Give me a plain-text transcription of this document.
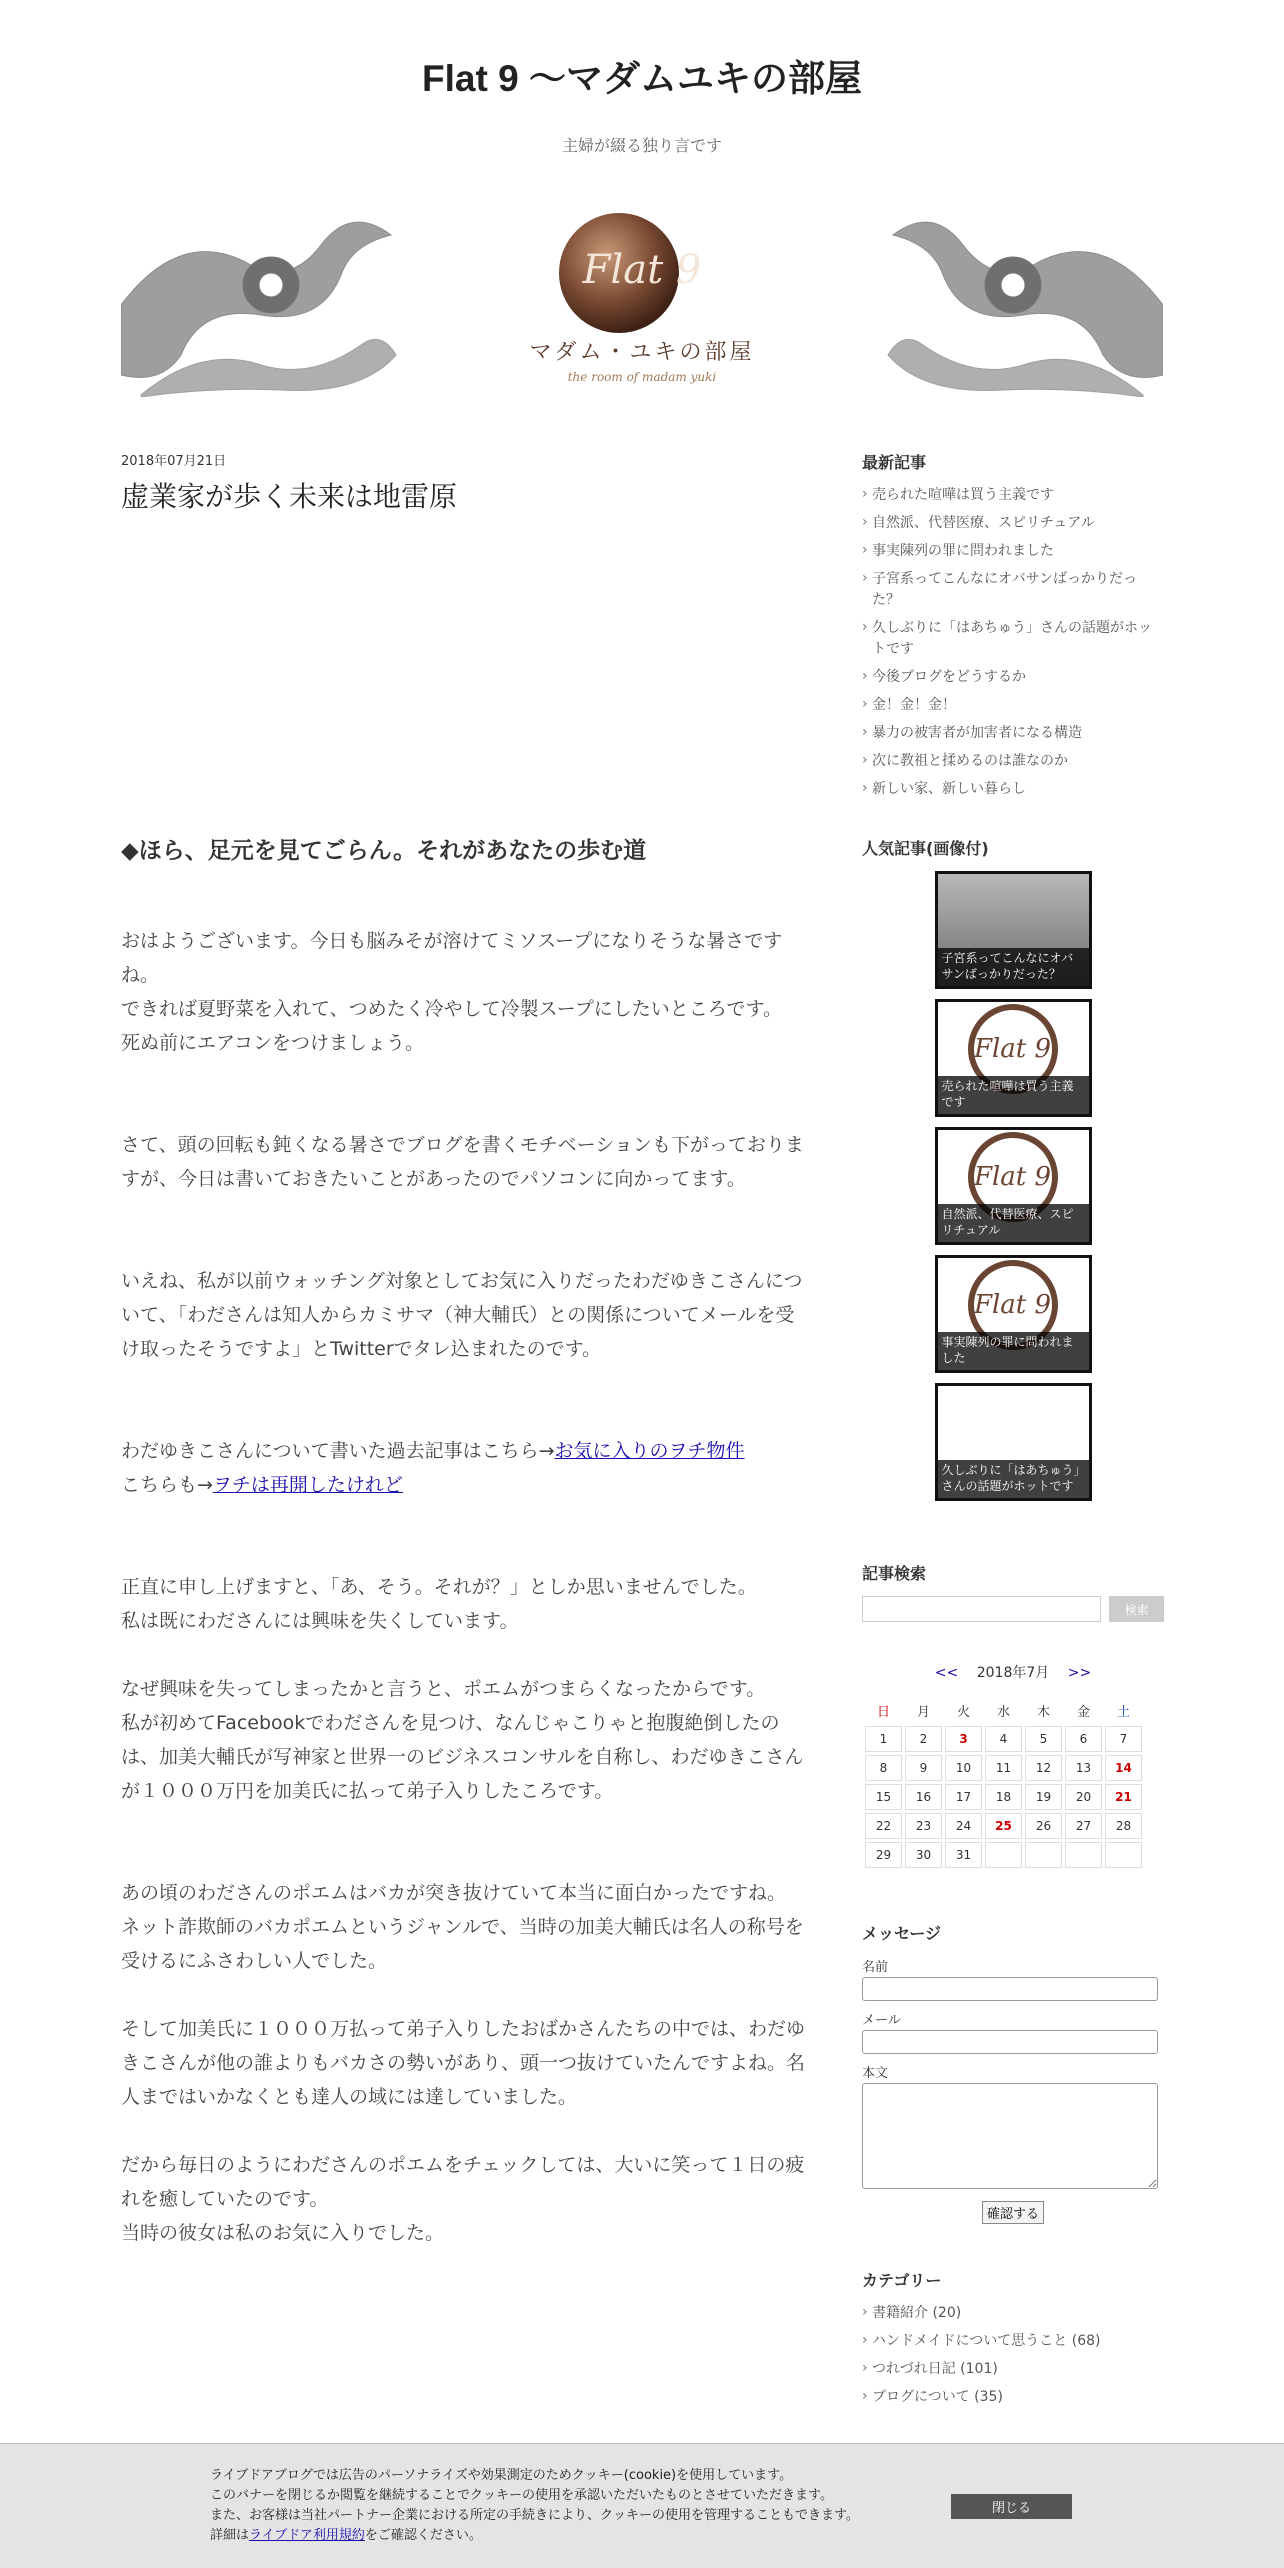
Flat 9 〜マダムユキの部屋
主婦が綴る独り言です
Flat 9
マダム・ユキの部屋
the room of madam yuki
2018年07月21日
虚業家が歩く未来は地雷原
◆ほら、足元を見てごらん。それがあなたの歩む道

おはようございます。今日も脳みそが溶けてミソスープになりそうな暑さですね。
できれば夏野菜を入れて、つめたく冷やして冷製スープにしたいところです。
死ぬ前にエアコンをつけましょう。

さて、頭の回転も鈍くなる暑さでブログを書くモチベーションも下がっておりますが、今日は書いておきたいことがあったのでパソコンに向かってます。

いえね、私が以前ウォッチング対象としてお気に入りだったわだゆきこさんについて、「わださんは知人からカミサマ（神大輔氏）との関係についてメールを受け取ったそうですよ」とTwitterでタレ込まれたのです。

わだゆきこさんについて書いた過去記事はこちら→お気に入りのヲチ物件
こちらも→ヲチは再開したけれど

正直に申し上げますと、「あ、そう。それが？」としか思いませんでした。
私は既にわださんには興味を失くしています。

なぜ興味を失ってしまったかと言うと、ポエムがつまらくなったからです。
私が初めてFacebookでわださんを見つけ、なんじゃこりゃと抱腹絶倒したのは、加美大輔氏が写神家と世界一のビジネスコンサルを自称し、わだゆきこさんが１０００万円を加美氏に払って弟子入りしたころです。

あの頃のわださんのポエムはバカが突き抜けていて本当に面白かったですね。
ネット詐欺師のバカポエムというジャンルで、当時の加美大輔氏は名人の称号を受けるにふさわしい人でした。

そして加美氏に１０００万払って弟子入りしたおばかさんたちの中では、わだゆきこさんが他の誰よりもバカさの勢いがあり、頭一つ抜けていたんですよね。名人まではいかなくとも達人の域には達していました。

だから毎日のようにわださんのポエムをチェックしては、大いに笑って１日の疲れを癒していたのです。
当時の彼女は私のお気に入りでした。

最新記事
› 売られた喧嘩は買う主義です
› 自然派、代替医療、スピリチュアル
› 事実陳列の罪に問われました
› 子宮系ってこんなにオバサンばっかりだった？
› 久しぶりに「はあちゅう」さんの話題がホットです
› 今後ブログをどうするか
› 金！金！金！
› 暴力の被害者が加害者になる構造
› 次に教祖と揉めるのは誰なのか
› 新しい家、新しい暮らし
人気記事(画像付)
子宮系ってこんなにオバサンばっかりだった？
Flat 9
売られた喧嘩は買う主義です
Flat 9
自然派、代替医療、スピリチュアル
Flat 9
事実陳列の罪に問われました
久しぶりに「はあちゅう」さんの話題がホットです
記事検索
検索
<< 2018年7月 >>
日	月	火	水	木	金	土
1	2	3	4	5	6	7
8	9	10	11	12	13	14
15	16	17	18	19	20	21
22	23	24	25	26	27	28
29	30	31				
メッセージ
名前
メール
本文
確認する
カテゴリー
› 書籍紹介 (20)
› ハンドメイドについて思うこと (68)
› つれづれ日記 (101)
› ブログについて (35)
ライブドアブログでは広告のパーソナライズや効果測定のためクッキー(cookie)を使用しています。
このバナーを閉じるか閲覧を継続することでクッキーの使用を承認いただいたものとさせていただきます。
また、お客様は当社パートナー企業における所定の手続きにより、クッキーの使用を管理することもできます。
詳細はライブドア利用規約をご確認ください。
閉じる
